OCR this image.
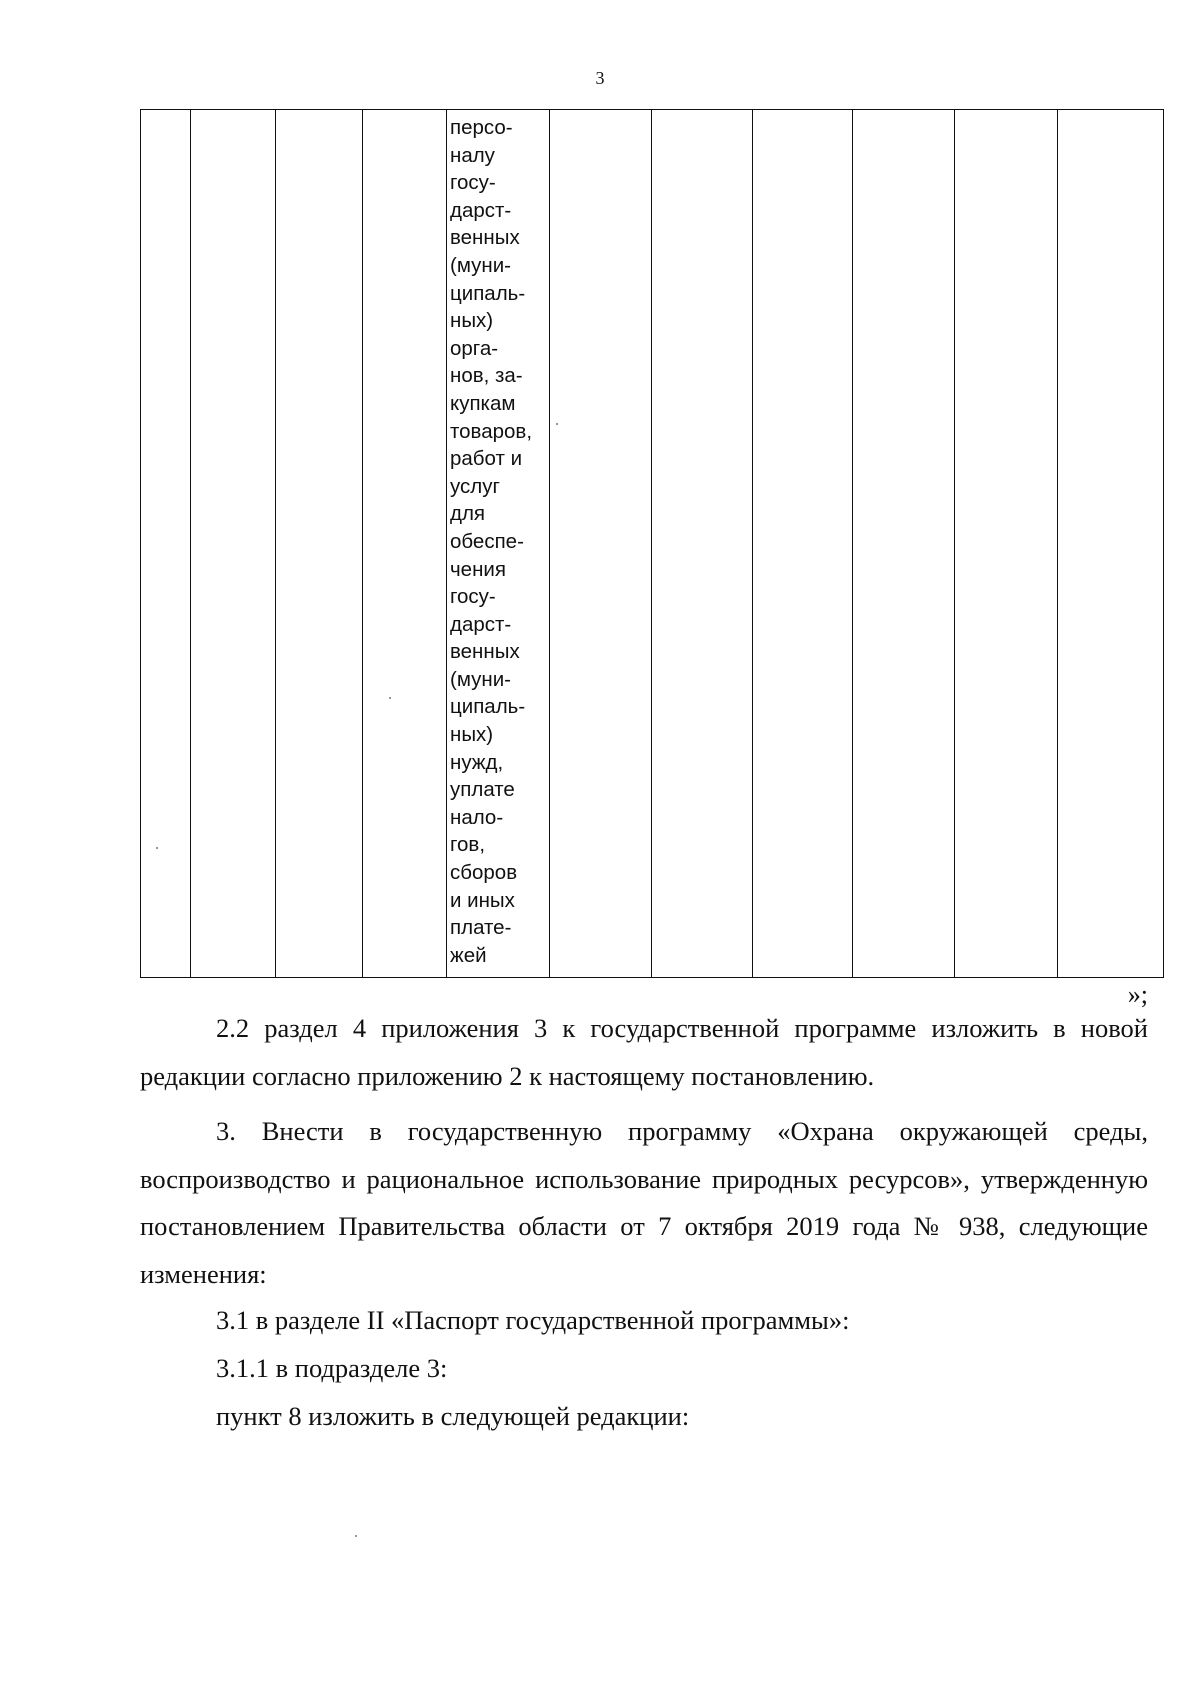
3
персо-
налу
госу-
дарст-
венных
(муни-
ципаль-
ных)
орга-
нов, за-
купкам
товаров,
работ и
услуг
для
обеспе-
чения
госу-
дарст-
венных
(муни-
ципаль-
ных)
нужд,
уплате
нало-
гов,
сборов
и иных
плате-
жей
»;
2.2 раздел 4 приложения 3 к государственной программе изложить в новой редакции согласно приложению 2 к настоящему постановлению.
3. Внести в государственную программу «Охрана окружающей среды, воспроизводство и рациональное использование природных ресурсов», утвержденную постановлением Правительства области от 7 октября 2019 года № 938, следующие изменения:
3.1 в разделе II «Паспорт государственной программы»:
3.1.1 в подразделе 3:
пункт 8 изложить в следующей редакции:
